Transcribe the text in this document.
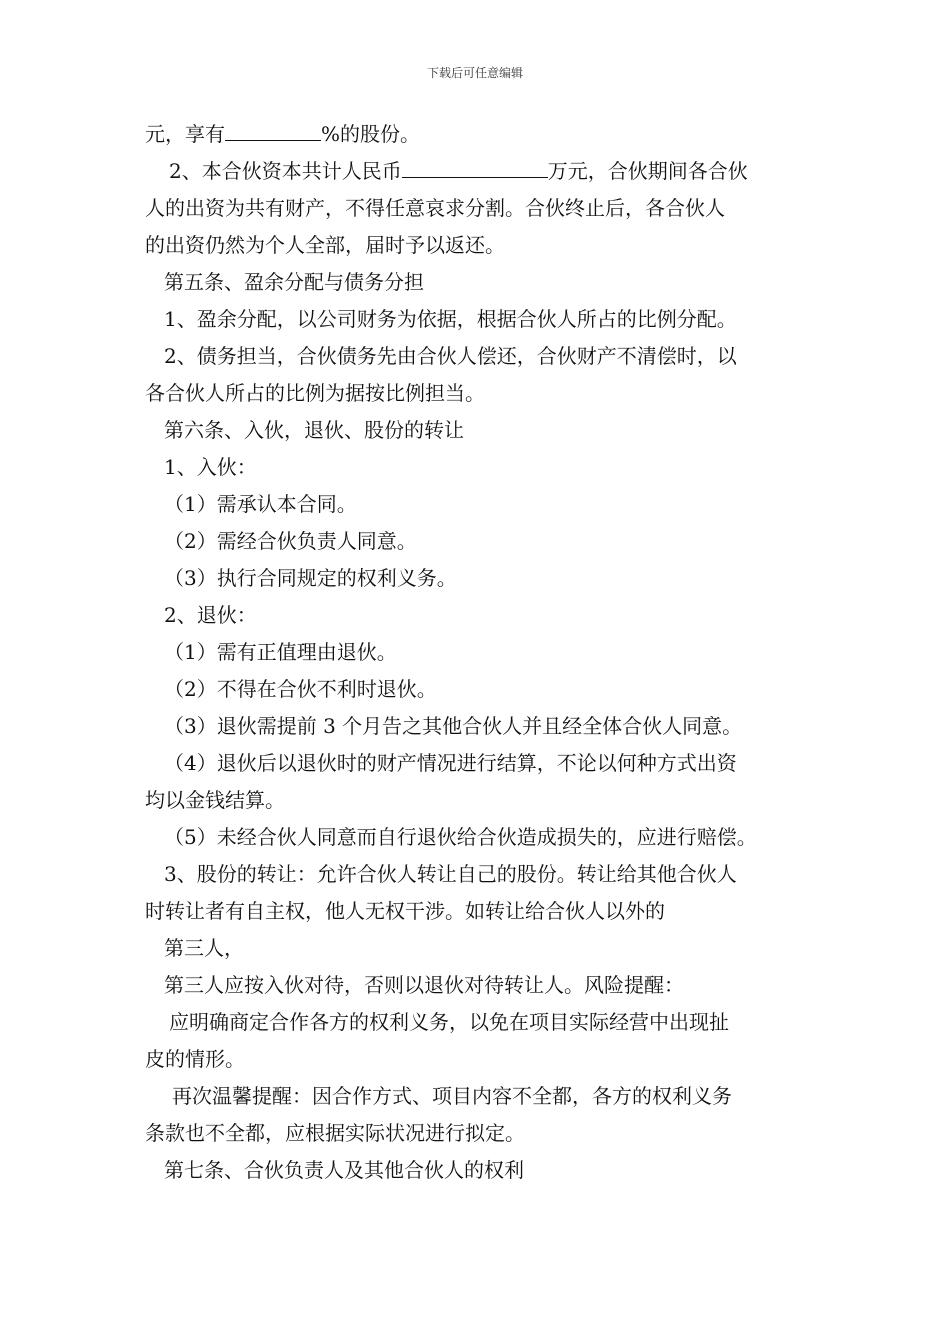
下载后可任意编辑
元，享有	%的股份。
2、本合伙资本共计人民币	万元，合伙期间各合伙
人的出资为共有财产，不得任意哀求分割。合伙终止后，各合伙人
的出资仍然为个人全部，届时予以返还。
第五条、盈余分配与债务分担
1、盈余分配，以公司财务为依据，根据合伙人所占的比例分配。
2、债务担当，合伙债务先由合伙人偿还，合伙财产不清偿时，以
各合伙人所占的比例为据按比例担当。
第六条、入伙，退伙、股份的转让
1、入伙：
（1）需承认本合同。
（2）需经合伙负责人同意。
（3）执行合同规定的权利义务。
2、退伙：
（1）需有正值理由退伙。
（2）不得在合伙不利时退伙。
（3）退伙需提前 3 个月告之其他合伙人并且经全体合伙人同意。
（4）退伙后以退伙时的财产情况进行结算，不论以何种方式出资
均以金钱结算。
（5）未经合伙人同意而自行退伙给合伙造成损失的，应进行赔偿。
3、股份的转让：允许合伙人转让自己的股份。转让给其他合伙人
时转让者有自主权，他人无权干涉。如转让给合伙人以外的
第三人，
第三人应按入伙对待，否则以退伙对待转让人。风险提醒：
应明确商定合作各方的权利义务，以免在项目实际经营中出现扯
皮的情形。
再次温馨提醒：因合作方式、项目内容不全都，各方的权利义务
条款也不全都，应根据实际状况进行拟定。
第七条、合伙负责人及其他合伙人的权利
